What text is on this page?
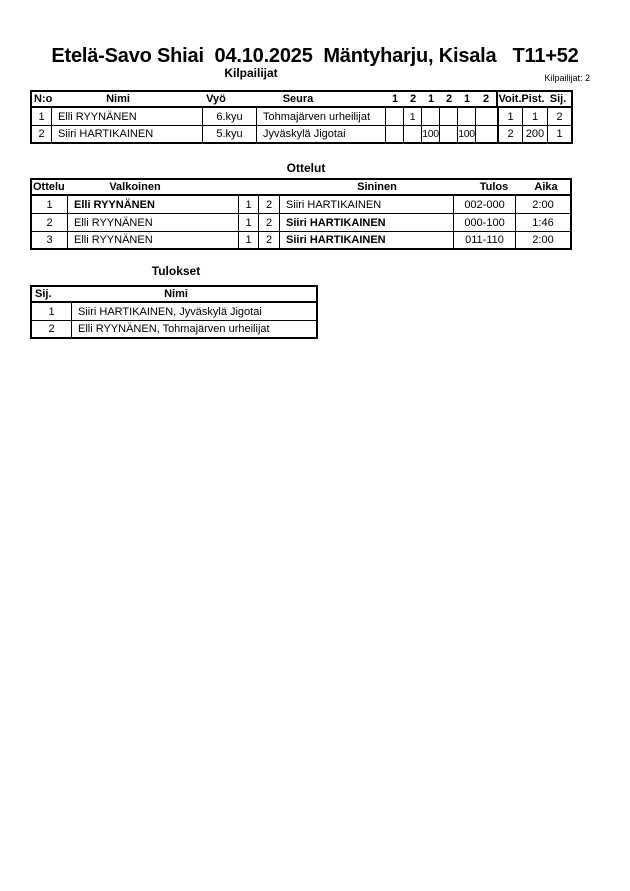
Etelä-Savo Shiai  04.10.2025  Mäntyharju, Kisala   T11+52
Kilpailijat	Kilpailijat: 2
N:o	Nimi	Vyö	Seura	1 2 1 2 1 2 Voit. Pist. Sij.
1	Elli RYYNÄNEN	6.kyu	Tohmajärven urheilijat	1	1	1	2
2	Siiri HARTIKAINEN	5.kyu	Jyväskylä Jigotai	100 100	2	200	1
Ottelut
Ottelu	Valkoinen	Sininen	Tulos Aika
1	Elli RYYNÄNEN	1	2	Siiri HARTIKAINEN	002-000	2:00
2	Elli RYYNÄNEN	1	2	Siiri HARTIKAINEN	000-100	1:46
3	Elli RYYNÄNEN	1	2	Siiri HARTIKAINEN	011-110	2:00
Tulokset
Sij.	Nimi
1	Siiri HARTIKAINEN, Jyväskylä Jigotai
2	Elli RYYNÄNEN, Tohmajärven urheilijat
